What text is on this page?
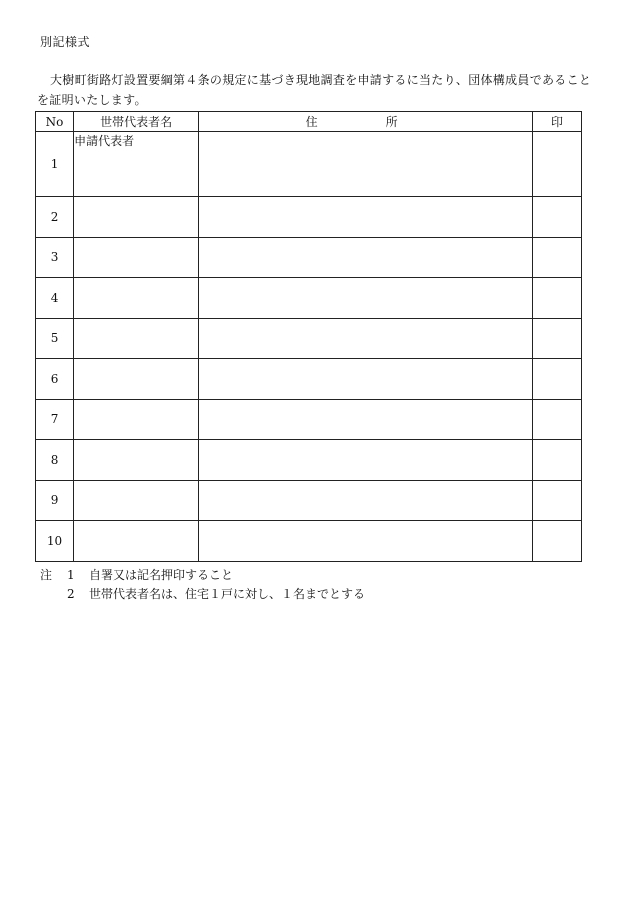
別記様式
大樹町街路灯設置要綱第４条の規定に基づき現地調査を申請するに当たり、団体構成員であることを証明いたします。
No	世帯代表者名	住　所	印
1	申請代表者		
2			
3			
4			
5			
6			
7			
8			
9			
10			
注	1	自署又は記名押印すること
2	世帯代表者名は、住宅１戸に対し、１名までとする
